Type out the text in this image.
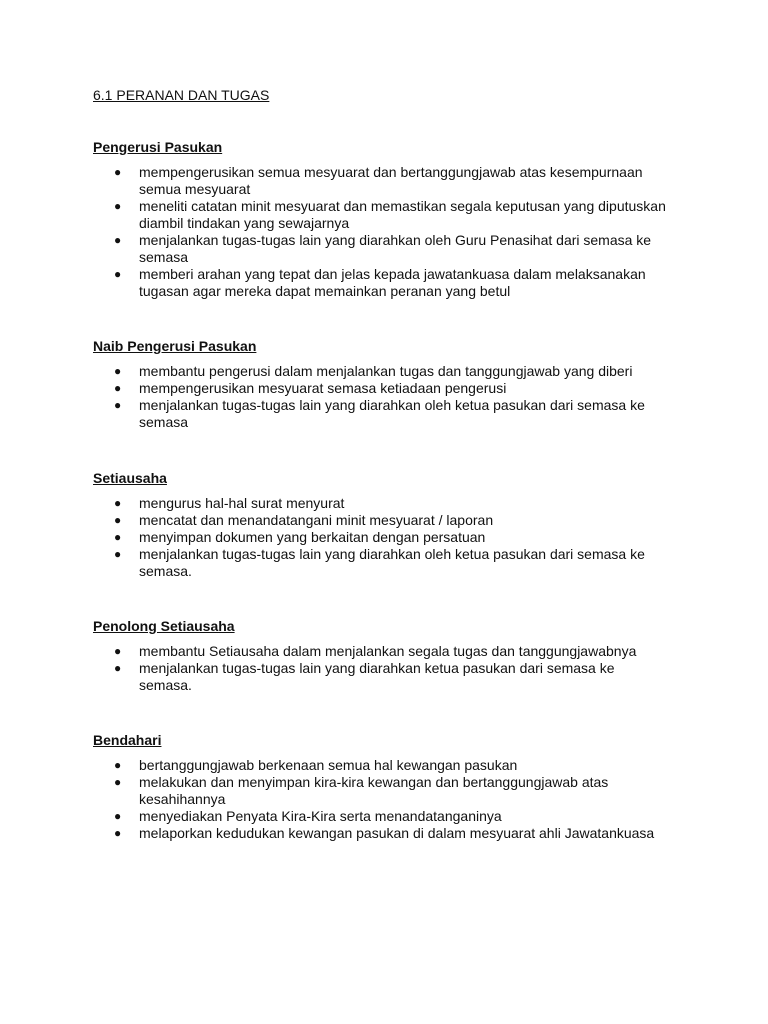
6.1 PERANAN DAN TUGAS
Pengerusi Pasukan
● mempengerusikan semua mesyuarat dan bertanggungjawab atas kesempurnaan
semua mesyuarat
● meneliti catatan minit mesyuarat dan memastikan segala keputusan yang diputuskan
diambil tindakan yang sewajarnya
● menjalankan tugas-tugas lain yang diarahkan oleh Guru Penasihat dari semasa ke
semasa
● memberi arahan yang tepat dan jelas kepada jawatankuasa dalam melaksanakan
tugasan agar mereka dapat memainkan peranan yang betul
Naib Pengerusi Pasukan
● membantu pengerusi dalam menjalankan tugas dan tanggungjawab yang diberi
● mempengerusikan mesyuarat semasa ketiadaan pengerusi
● menjalankan tugas-tugas lain yang diarahkan oleh ketua pasukan dari semasa ke
semasa
Setiausaha
● mengurus hal-hal surat menyurat
● mencatat dan menandatangani minit mesyuarat / laporan
● menyimpan dokumen yang berkaitan dengan persatuan
● menjalankan tugas-tugas lain yang diarahkan oleh ketua pasukan dari semasa ke
semasa.
Penolong Setiausaha
● membantu Setiausaha dalam menjalankan segala tugas dan tanggungjawabnya
● menjalankan tugas-tugas lain yang diarahkan ketua pasukan dari semasa ke
semasa.
Bendahari
● bertanggungjawab berkenaan semua hal kewangan pasukan
● melakukan dan menyimpan kira-kira kewangan dan bertanggungjawab atas
kesahihannya
● menyediakan Penyata Kira-Kira serta menandatanganinya
● melaporkan kedudukan kewangan pasukan di dalam mesyuarat ahli Jawatankuasa
